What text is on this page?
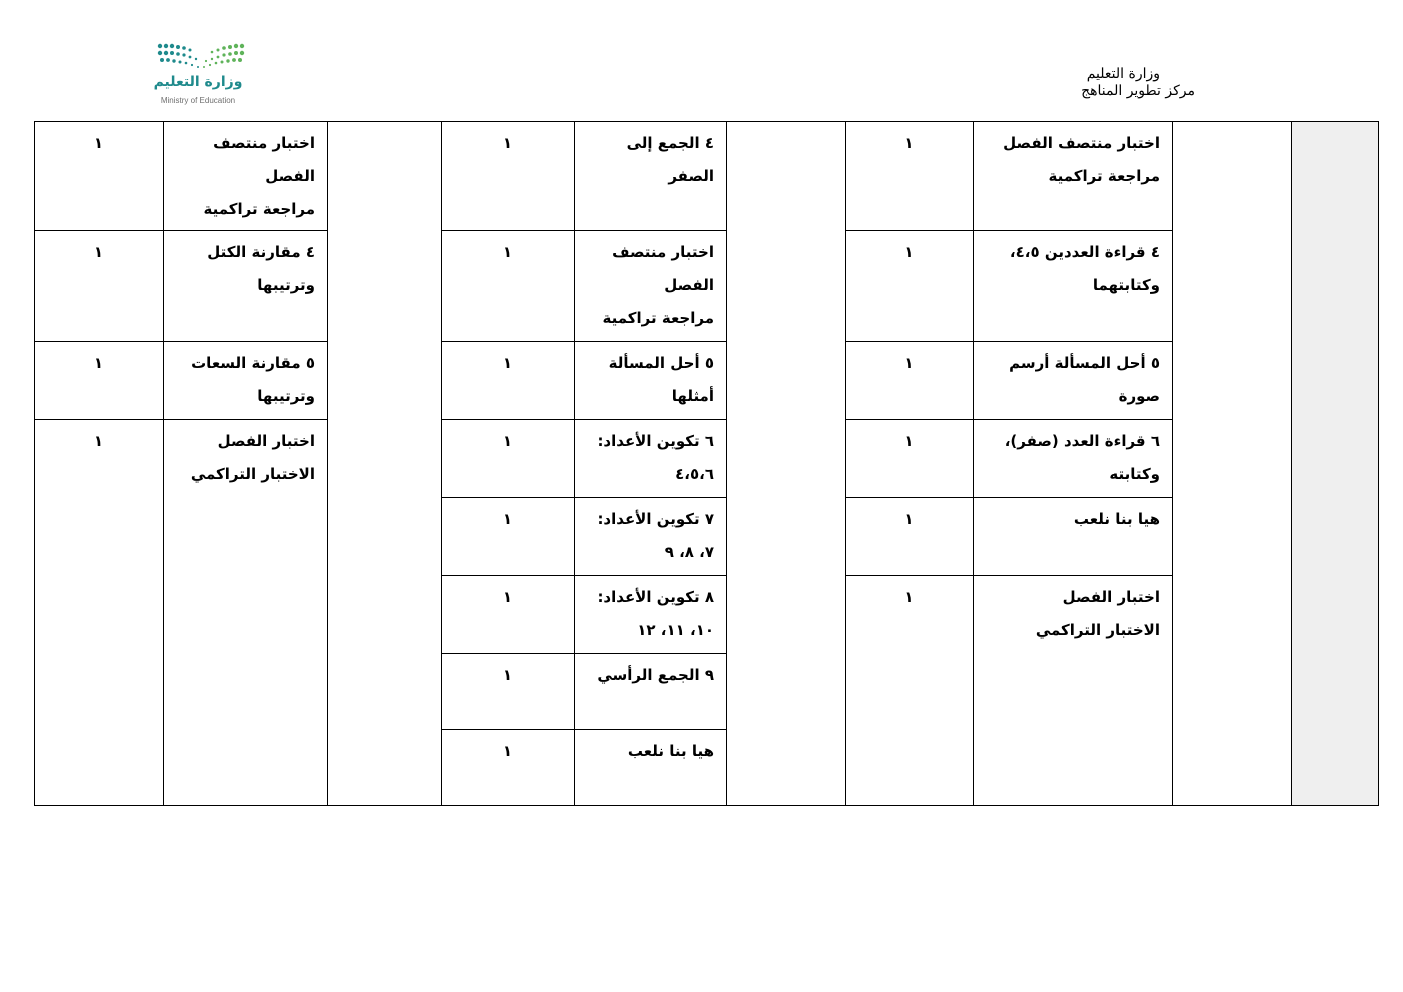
وزارة التعليم
Ministry of Education
وزارة التعليم
مركز تطوير المناهج
اختبار منتصف
الفصل
مراجعة تراكمية
١
٤ مقارنة الكتل
وترتيبها
١
٥ مقارنة السعات
وترتيبها
١
اختبار الفصل
الاختبار التراكمي
١
٤ الجمع إلى
الصفر
١
اختبار منتصف
الفصل
مراجعة تراكمية
١
٥ أحل المسألة
أمثلها
١
٦ تكوين الأعداد:
٤،٥،٦
١
٧ تكوين الأعداد:
٧، ٨، ٩
١
٨ تكوين الأعداد:
١٠، ١١، ١٢
١
٩ الجمع الرأسي
١
هيا بنا نلعب
١
اختبار منتصف الفصل
مراجعة تراكمية
١
٤ قراءة العددين ٤،٥،
وكتابتهما
١
٥ أحل المسألة أرسم
صورة
١
٦ قراءة العدد (صفر)،
وكتابته
١
هيا بنا نلعب
١
اختبار الفصل
الاختبار التراكمي
١
